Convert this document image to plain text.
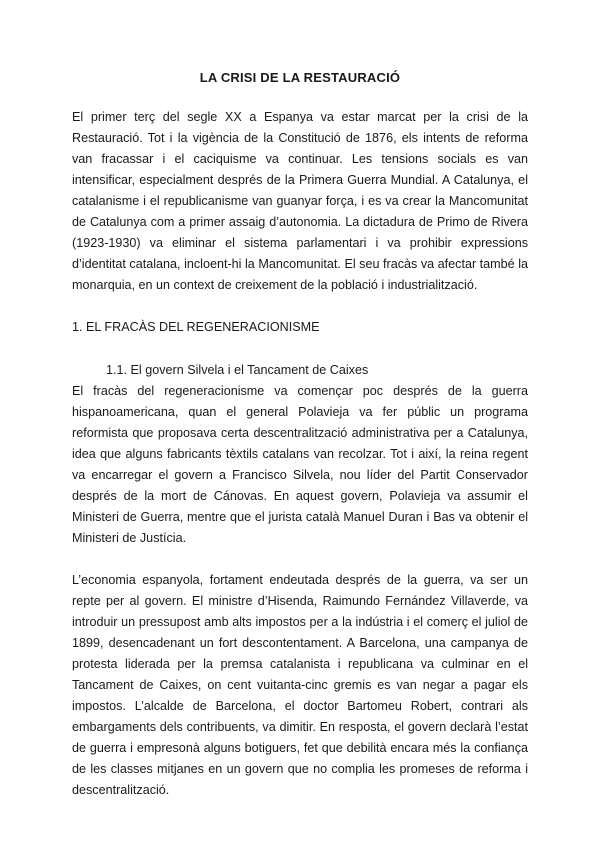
LA CRISI DE LA RESTAURACIÓ

El primer terç del segle XX a Espanya va estar marcat per la crisi de la Restauració. Tot i la vigència de la Constitució de 1876, els intents de reforma van fracassar i el caciquisme va continuar. Les tensions socials es van intensificar, especialment després de la Primera Guerra Mundial. A Catalunya, el catalanisme i el republicanisme van guanyar força, i es va crear la Mancomunitat de Catalunya com a primer assaig d’autonomia. La dictadura de Primo de Rivera (1923-1930) va eliminar el sistema parlamentari i va prohibir expressions d’identitat catalana, incloent-hi la Mancomunitat. El seu fracàs va afectar també la monarquia, en un context de creixement de la població i industrialització.

1. EL FRACÀS DEL REGENERACIONISME
1.1. El govern Silvela i el Tancament de Caixes

El fracàs del regeneracionisme va començar poc després de la guerra hispanoamericana, quan el general Polavieja va fer públic un programa reformista que proposava certa descentralització administrativa per a Catalunya, idea que alguns fabricants tèxtils catalans van recolzar. Tot i així, la reina regent va encarregar el govern a Francisco Silvela, nou líder del Partit Conservador després de la mort de Cánovas. En aquest govern, Polavieja va assumir el Ministeri de Guerra, mentre que el jurista català Manuel Duran i Bas va obtenir el Ministeri de Justícia.

L’economia espanyola, fortament endeutada després de la guerra, va ser un repte per al govern. El ministre d’Hisenda, Raimundo Fernández Villaverde, va introduir un pressupost amb alts impostos per a la indústria i el comerç el juliol de 1899, desencadenant un fort descontentament. A Barcelona, una campanya de protesta liderada per la premsa catalanista i republicana va culminar en el Tancament de Caixes, on cent vuitanta-cinc gremis es van negar a pagar els impostos. L’alcalde de Barcelona, el doctor Bartomeu Robert, contrari als embargaments dels contribuents, va dimitir. En resposta, el govern declarà l’estat de guerra i empresonà alguns botiguers, fet que debilità encara més la confiança de les classes mitjanes en un govern que no complia les promeses de reforma i descentralització.
